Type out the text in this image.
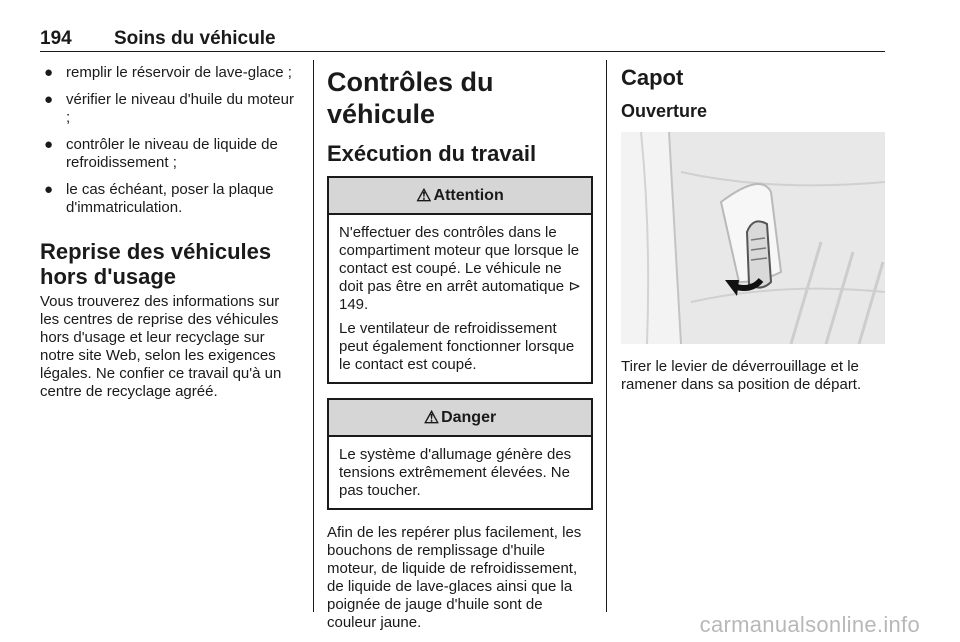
194 Soins du véhicule
● remplir le réservoir de lave-glace ;
● vérifier le niveau d'huile du moteur ;
● contrôler le niveau de liquide de refroidissement ;
● le cas échéant, poser la plaque d'immatriculation.
Reprise des véhicules hors d'usage

Vous trouverez des informations sur les centres de reprise des véhicules hors d'usage et leur recyclage sur notre site Web, selon les exigences légales. Ne confier ce travail qu'à un centre de recyclage agréé.

Contrôles du véhicule
Exécution du travail
⚠ Attention

N'effectuer des contrôles dans le compartiment moteur que lorsque le contact est coupé. Le véhicule ne doit pas être en arrêt automatique ⊳ 149.

Le ventilateur de refroidissement peut également fonctionner lorsque le contact est coupé.

⚠ Danger

Le système d'allumage génère des tensions extrêmement élevées. Ne pas toucher.

Afin de les repérer plus facilement, les bouchons de remplissage d'huile moteur, de liquide de refroidissement, de liquide de lave-glaces ainsi que la poignée de jauge d'huile sont de couleur jaune.

Capot
Ouverture

Tirer le levier de déverrouillage et le ramener dans sa position de départ.

carmanualsonline.info
